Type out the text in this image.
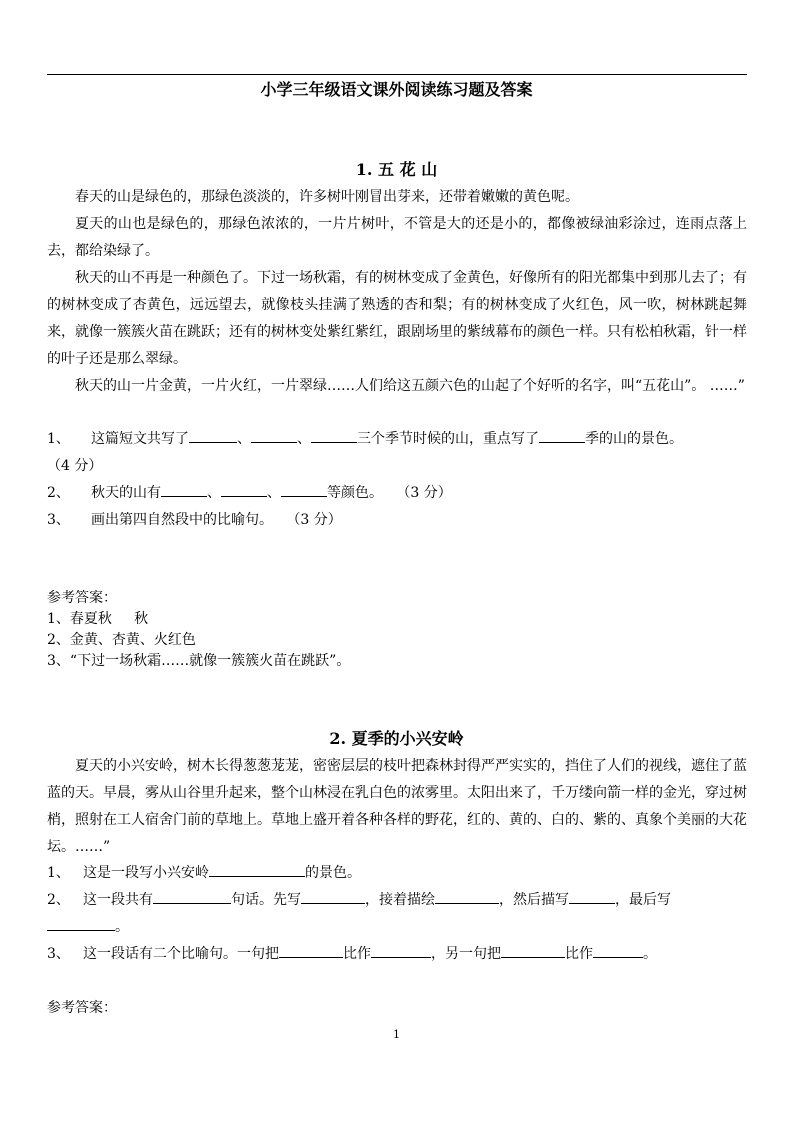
小学三年级语文课外阅读练习题及答案
1. 五 花 山

春天的山是绿色的，那绿色淡淡的，许多树叶刚冒出芽来，还带着嫩嫩的黄色呢。

夏天的山也是绿色的，那绿色浓浓的，一片片树叶，不管是大的还是小的，都像被绿油彩涂过，连雨点落上去，都给染绿了。

秋天的山不再是一种颜色了。下过一场秋霜，有的树林变成了金黄色，好像所有的阳光都集中到那儿去了；有的树林变成了杏黄色，远远望去，就像枝头挂满了熟透的杏和梨；有的树林变成了火红色，风一吹，树林跳起舞来，就像一簇簇火苗在跳跃；还有的树林变处紫红紫红，跟剧场里的紫绒幕布的颜色一样。只有松柏秋霜，针一样的叶子还是那么翠绿。

秋天的山一片金黄，一片火红，一片翠绿……人们给这五颜六色的山起了个好听的名字，叫“五花山”。 ……”

1、 这篇短文共写了	、	、	三个季节时候的山，重点写了	季的山的景色。
（4 分）

2、 秋天的山有	、	、	等颜色。 （3 分）

3、 画出第四自然段中的比喻句。 （3 分）

参考答案：
1、春夏秋     秋
2、金黄、杏黄、火红色
3、“下过一场秋霜……就像一簇簇火苗在跳跃”。
2. 夏季的小兴安岭

夏天的小兴安岭，树木长得葱葱茏茏，密密层层的枝叶把森林封得严严实实的，挡住了人们的视线，遮住了蓝蓝的天。早晨，雾从山谷里升起来，整个山林浸在乳白色的浓雾里。太阳出来了，千万缕向箭一样的金光，穿过树梢，照射在工人宿舍门前的草地上。草地上盛开着各种各样的野花，红的、黄的、白的、紫的、真象个美丽的大花坛。……”

1、 这是一段写小兴安岭	的景色。

2、 这一段共有	句话。先写	，接着描绘	，然后描写	，最后写
。

3、 这一段话有二个比喻句。一句把	比作	，另一句把	比作	。

参考答案：
1
